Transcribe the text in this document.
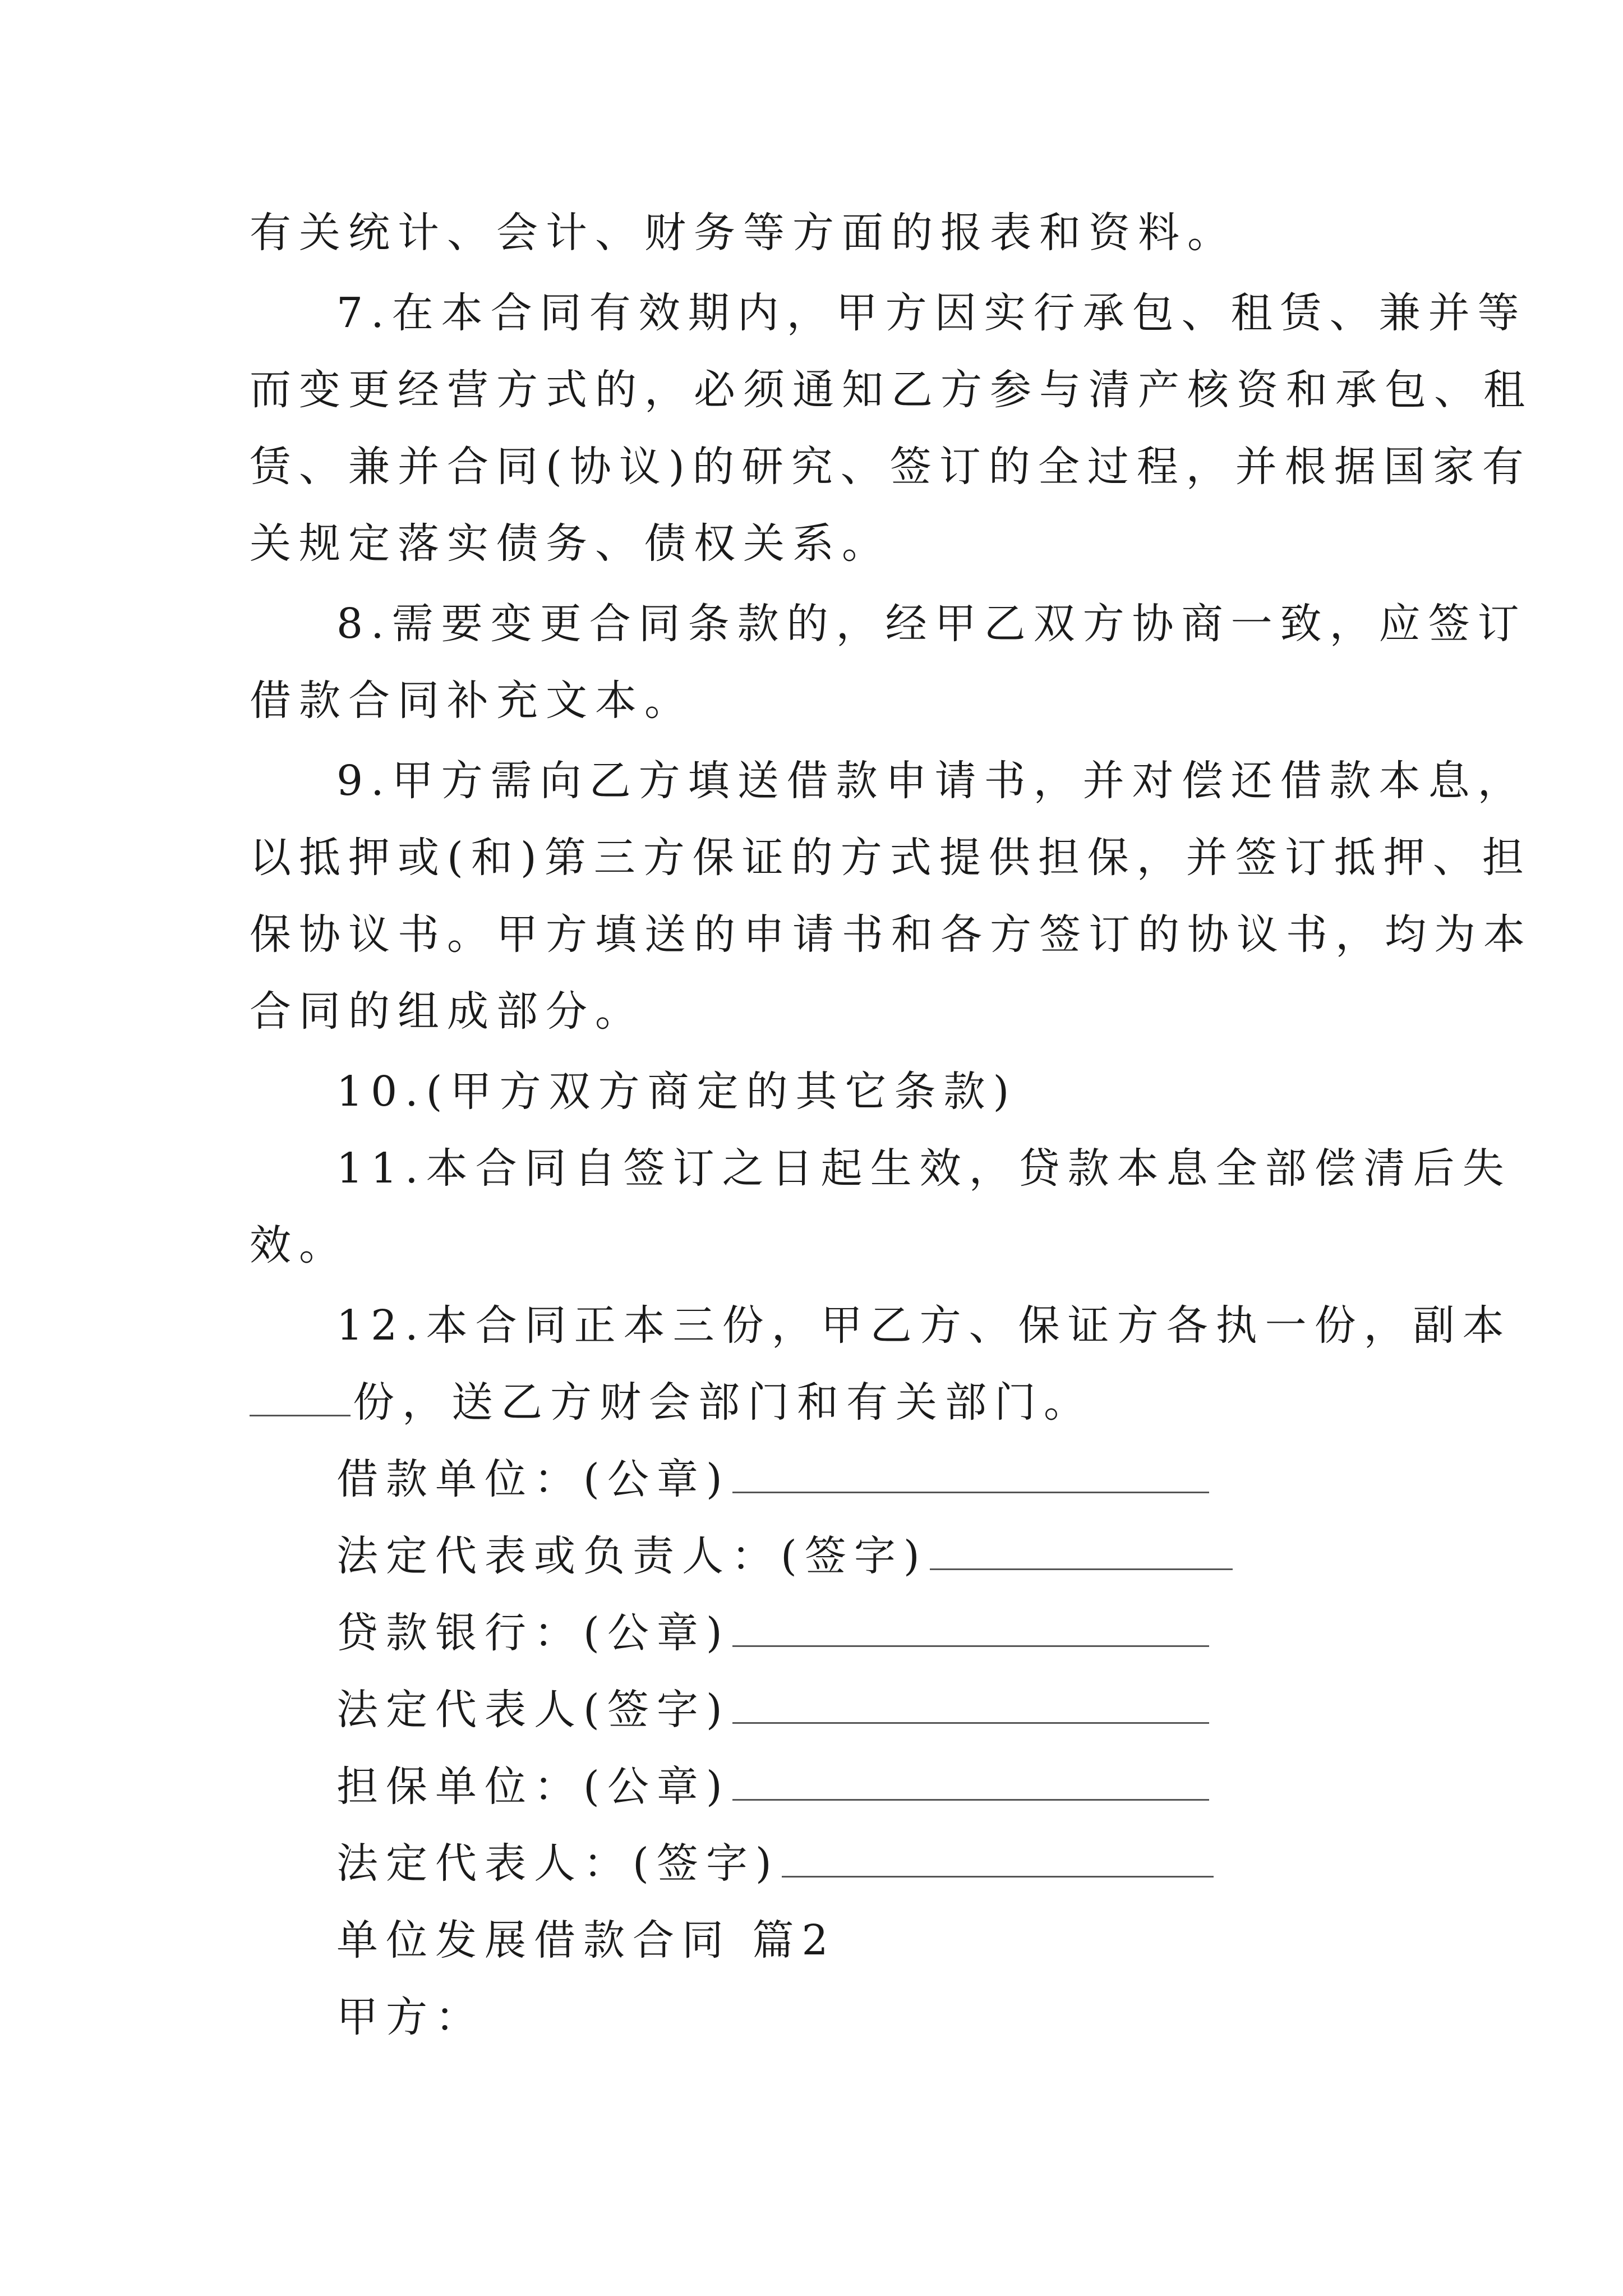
有关统计、会计、财务等方面的报表和资料。
7.在本合同有效期内，甲方因实行承包、租赁、兼并等
而变更经营方式的，必须通知乙方参与清产核资和承包、租
赁、兼并合同(协议)的研究、签订的全过程，并根据国家有
关规定落实债务、债权关系。
8.需要变更合同条款的，经甲乙双方协商一致，应签订
借款合同补充文本。
9.甲方需向乙方填送借款申请书，并对偿还借款本息，
以抵押或(和)第三方保证的方式提供担保，并签订抵押、担
保协议书。甲方填送的申请书和各方签订的协议书，均为本
合同的组成部分。
10.(甲方双方商定的其它条款)
11.本合同自签订之日起生效，贷款本息全部偿清后失
效。
12.本合同正本三份，甲乙方、保证方各执一份，副本
份，送乙方财会部门和有关部门。
借款单位：(公章)
法定代表或负责人：(签字)
贷款银行：(公章)
法定代表人(签字)
担保单位：(公章)
法定代表人：(签字)
单位发展借款合同 篇2
甲方：
